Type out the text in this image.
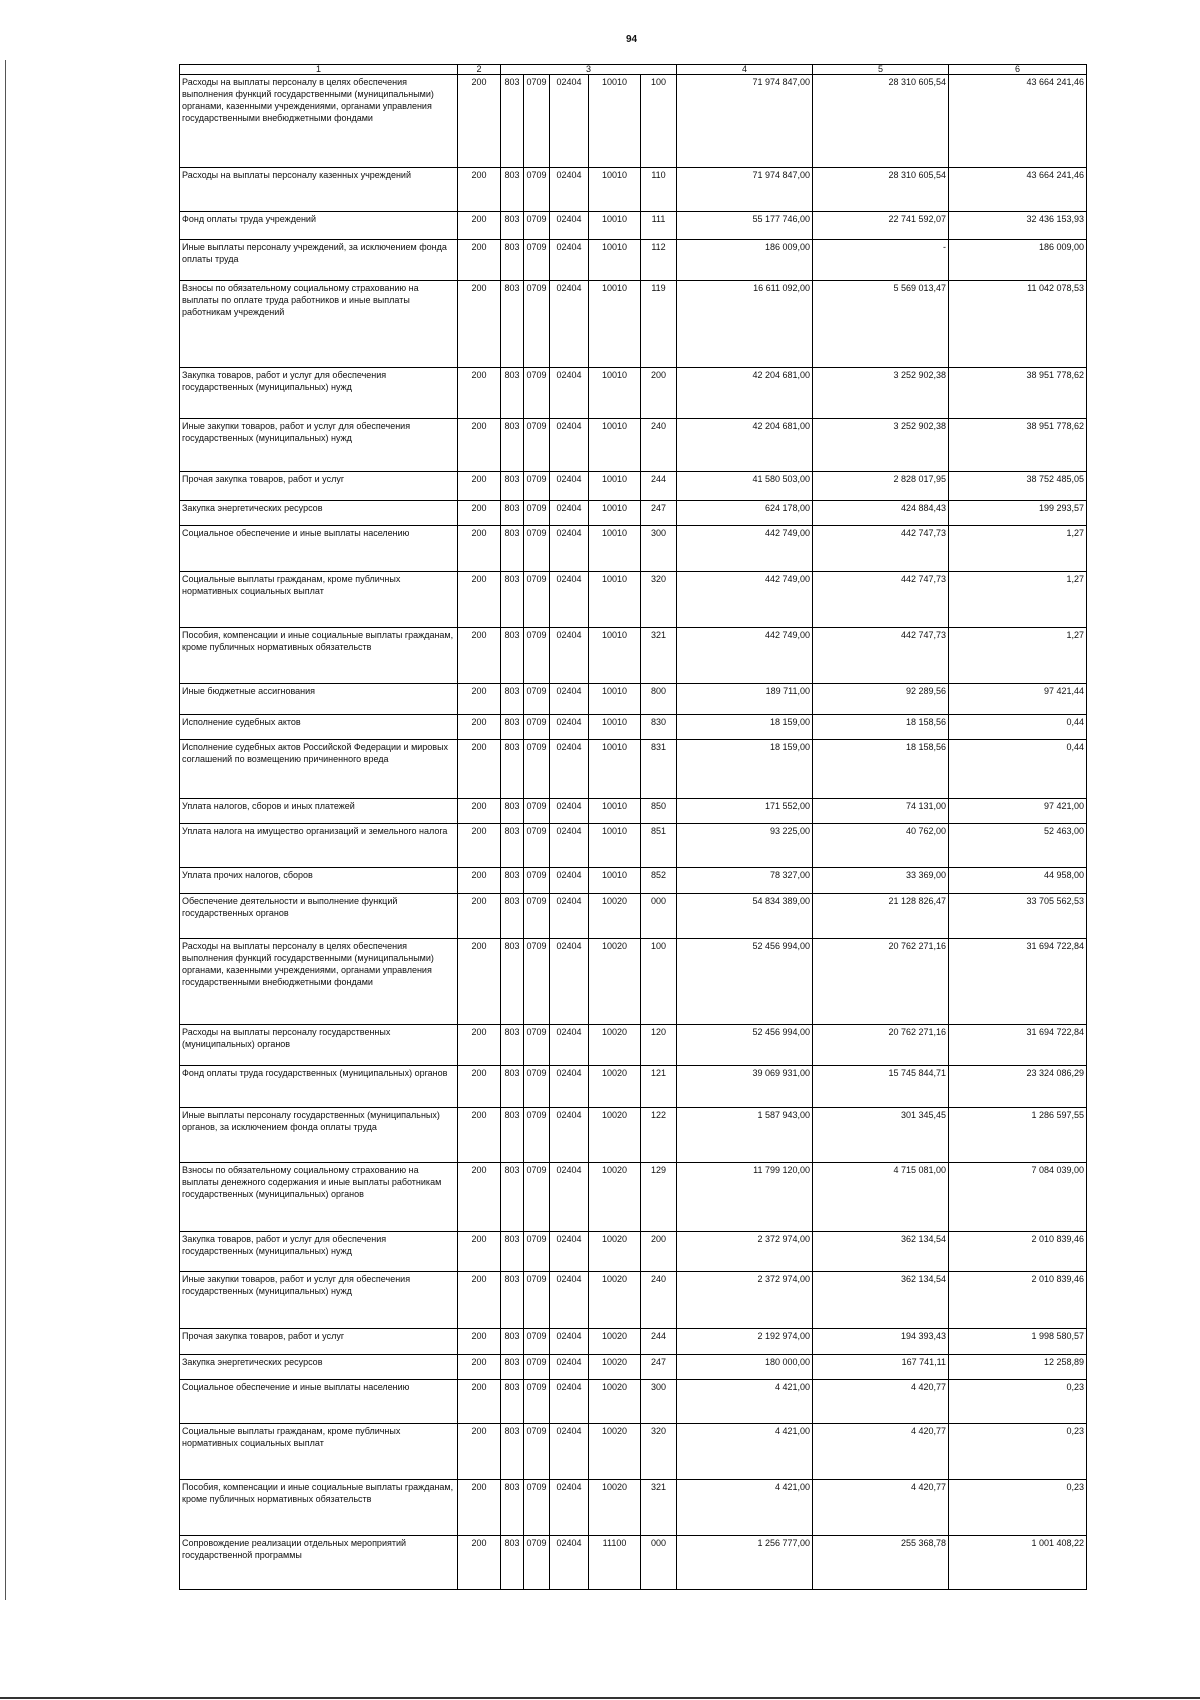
94
1	2	3					4	5	6
Расходы на выплаты персоналу в целях обеспечения выполнения функций государственными (муниципальными) органами, казенными учреждениями, органами управления государственными внебюджетными фондами	200	803	0709	02404	10010	100	71 974 847,00	28 310 605,54	43 664 241,46
Расходы на выплаты персоналу казенных учреждений	200	803	0709	02404	10010	110	71 974 847,00	28 310 605,54	43 664 241,46
Фонд оплаты труда учреждений	200	803	0709	02404	10010	111	55 177 746,00	22 741 592,07	32 436 153,93
Иные выплаты персоналу учреждений, за исключением фонда оплаты труда	200	803	0709	02404	10010	112	186 009,00	-	186 009,00
Взносы по обязательному социальному страхованию на выплаты по оплате труда работников и иные выплаты работникам учреждений	200	803	0709	02404	10010	119	16 611 092,00	5 569 013,47	11 042 078,53
Закупка товаров, работ и услуг для обеспечения государственных (муниципальных) нужд	200	803	0709	02404	10010	200	42 204 681,00	3 252 902,38	38 951 778,62
Иные закупки товаров, работ и услуг для обеспечения государственных (муниципальных) нужд	200	803	0709	02404	10010	240	42 204 681,00	3 252 902,38	38 951 778,62
Прочая закупка товаров, работ и услуг	200	803	0709	02404	10010	244	41 580 503,00	2 828 017,95	38 752 485,05
Закупка энергетических ресурсов	200	803	0709	02404	10010	247	624 178,00	424 884,43	199 293,57
Социальное обеспечение и иные выплаты населению	200	803	0709	02404	10010	300	442 749,00	442 747,73	1,27
Социальные выплаты гражданам, кроме публичных нормативных социальных выплат	200	803	0709	02404	10010	320	442 749,00	442 747,73	1,27
Пособия, компенсации и иные социальные выплаты гражданам, кроме публичных нормативных обязательств	200	803	0709	02404	10010	321	442 749,00	442 747,73	1,27
Иные бюджетные ассигнования	200	803	0709	02404	10010	800	189 711,00	92 289,56	97 421,44
Исполнение судебных актов	200	803	0709	02404	10010	830	18 159,00	18 158,56	0,44
Исполнение судебных актов Российской Федерации и мировых соглашений по возмещению причиненного вреда	200	803	0709	02404	10010	831	18 159,00	18 158,56	0,44
Уплата налогов, сборов и иных платежей	200	803	0709	02404	10010	850	171 552,00	74 131,00	97 421,00
Уплата налога на имущество организаций и земельного налога	200	803	0709	02404	10010	851	93 225,00	40 762,00	52 463,00
Уплата прочих налогов, сборов	200	803	0709	02404	10010	852	78 327,00	33 369,00	44 958,00
Обеспечение деятельности и выполнение функций государственных органов	200	803	0709	02404	10020	000	54 834 389,00	21 128 826,47	33 705 562,53
Расходы на выплаты персоналу в целях обеспечения выполнения функций государственными (муниципальными) органами, казенными учреждениями, органами управления государственными внебюджетными фондами	200	803	0709	02404	10020	100	52 456 994,00	20 762 271,16	31 694 722,84
Расходы на выплаты персоналу государственных (муниципальных) органов	200	803	0709	02404	10020	120	52 456 994,00	20 762 271,16	31 694 722,84
Фонд оплаты труда государственных (муниципальных) органов	200	803	0709	02404	10020	121	39 069 931,00	15 745 844,71	23 324 086,29
Иные выплаты персоналу государственных (муниципальных) органов, за исключением фонда оплаты труда	200	803	0709	02404	10020	122	1 587 943,00	301 345,45	1 286 597,55
Взносы по обязательному социальному страхованию на выплаты денежного содержания и иные выплаты работникам государственных (муниципальных) органов	200	803	0709	02404	10020	129	11 799 120,00	4 715 081,00	7 084 039,00
Закупка товаров, работ и услуг для обеспечения государственных (муниципальных) нужд	200	803	0709	02404	10020	200	2 372 974,00	362 134,54	2 010 839,46
Иные закупки товаров, работ и услуг для обеспечения государственных (муниципальных) нужд	200	803	0709	02404	10020	240	2 372 974,00	362 134,54	2 010 839,46
Прочая закупка товаров, работ и услуг	200	803	0709	02404	10020	244	2 192 974,00	194 393,43	1 998 580,57
Закупка энергетических ресурсов	200	803	0709	02404	10020	247	180 000,00	167 741,11	12 258,89
Социальное обеспечение и иные выплаты населению	200	803	0709	02404	10020	300	4 421,00	4 420,77	0,23
Социальные выплаты гражданам, кроме публичных нормативных социальных выплат	200	803	0709	02404	10020	320	4 421,00	4 420,77	0,23
Пособия, компенсации и иные социальные выплаты гражданам, кроме публичных нормативных обязательств	200	803	0709	02404	10020	321	4 421,00	4 420,77	0,23
Сопровождение реализации отдельных мероприятий государственной программы	200	803	0709	02404	11100	000	1 256 777,00	255 368,78	1 001 408,22
